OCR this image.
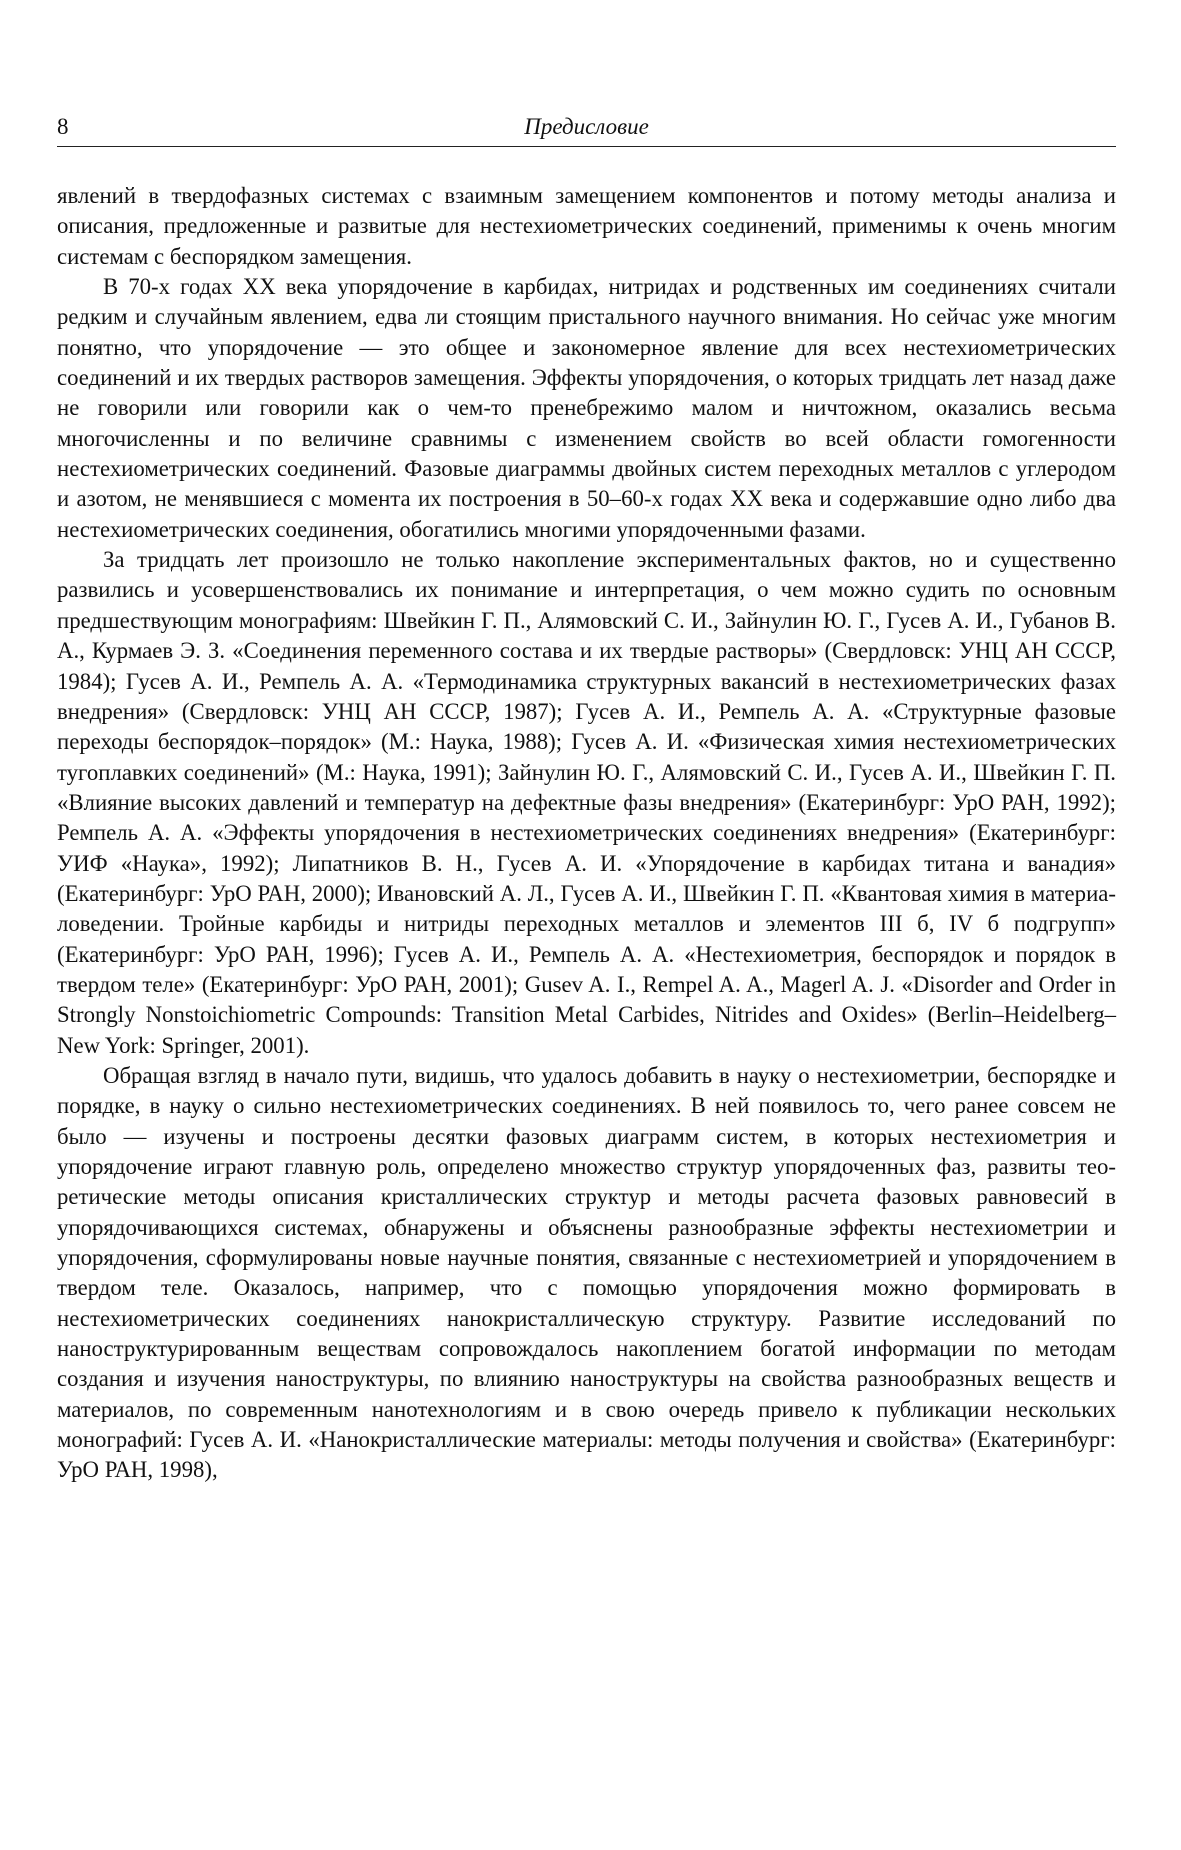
8	Предисловие

явлений в твердофазных системах с взаимным замещением компонентов и потому методы анализа и описания, предложенные и развитые для нестехиометрических соединений, применимы к очень многим системам с беспорядком замещения.

В 70-х годах XX века упорядочение в карбидах, нитридах и родственных им соединениях считали редким и случайным явлением, едва ли стоящим пристального научного внимания. Но сейчас уже многим понятно, что упорядочение — это общее и закономерное явление для всех нестехиометрических соединений и их твердых растворов замещения. Эффекты упорядочения, о которых тридцать лет назад даже не говорили или говорили как о чем-то пренебрежимо малом и ничтожном, оказались весьма многочисленны и по величине сравнимы с изменением свойств во всей области гомогенности нестехиометрических соединений. Фазовые диаграммы двойных систем переходных металлов с углеродом и азотом, не менявшиеся с момента их построения в 50–60-х годах XX века и содержавшие одно либо два нестехиометрических соединения, обогатились многими упорядоченными фазами.

За тридцать лет произошло не только накопление экспериментальных фактов, но и существенно развились и усовершенствовались их понимание и интерпретация, о чем можно судить по основным предшествующим монографиям: Швейкин Г. П., Алямовский С. И., Зайнулин Ю. Г., Гусев А. И., Губанов В. А., Курмаев Э. З. «Соединения переменного состава и их твердые растворы» (Свердловск: УНЦ АН СССР, 1984); Гусев А. И., Ремпель А. А. «Термодинамика структурных вакансий в нестехиометрических фазах внедрения» (Свердловск: УНЦ АН СССР, 1987); Гусев А. И., Ремпель А. А. «Структурные фазовые переходы беспорядок–порядок» (М.: Наука, 1988); Гусев А. И. «Физическая химия нестехиометрических тугоплавких соединений» (М.: Наука, 1991); Зайнулин Ю. Г., Алямовский С. И., Гусев А. И., Швейкин Г. П. «Влияние высоких давлений и температур на дефектные фазы внедрения» (Екатеринбург: УрО РАН, 1992); Ремпель А. А. «Эффекты упорядочения в нестехиометрических соединениях внедрения» (Екатеринбург: УИФ «Наука», 1992); Липатников В. Н., Гусев А. И. «Упорядочение в карбидах титана и ванадия» (Екатеринбург: УрО РАН, 2000); Ивановский А. Л., Гусев А. И., Швейкин Г. П. «Квантовая химия в материаловедении. Тройные карбиды и нитриды переходных металлов и элементов III б, IV б подгрупп» (Екатеринбург: УрО РАН, 1996); Гусев А. И., Ремпель А. А. «Нестехиометрия, беспорядок и порядок в твердом теле» (Екатеринбург: УрО РАН, 2001); Gusev A. I., Rempel A. A., Magerl A. J. «Disorder and Order in Strongly Nonstoichiometric Compounds: Transition Metal Carbides, Nitrides and Oxides» (Berlin–Heidelberg–New York: Springer, 2001).

Обращая взгляд в начало пути, видишь, что удалось добавить в науку о нестехиометрии, беспорядке и порядке, в науку о сильно нестехиометрических соединениях. В ней появилось то, чего ранее совсем не было — изучены и построены десятки фазовых диаграмм систем, в которых нестехиометрия и упорядочение играют главную роль, определено множество структур упорядоченных фаз, развиты теоретические методы описания кристаллических структур и методы расчета фазовых равновесий в упорядочивающихся системах, обнаружены и объяснены разнообразные эффекты нестехиометрии и упорядочения, сформулированы новые научные понятия, связанные с нестехиометрией и упорядочением в твердом теле. Оказалось, например, что с помощью упорядочения можно формировать в нестехиометрических соединениях нанокристаллическую структуру. Развитие исследований по наноструктурированным веществам сопровождалось накоплением богатой информации по методам создания и изучения наноструктуры, по влиянию наноструктуры на свойства разнообразных веществ и материалов, по современным нанотехнологиям и в свою очередь привело к публикации нескольких монографий: Гусев А. И. «Нанокристаллические материалы: методы получения и свойства» (Екатеринбург: УрО РАН, 1998),
